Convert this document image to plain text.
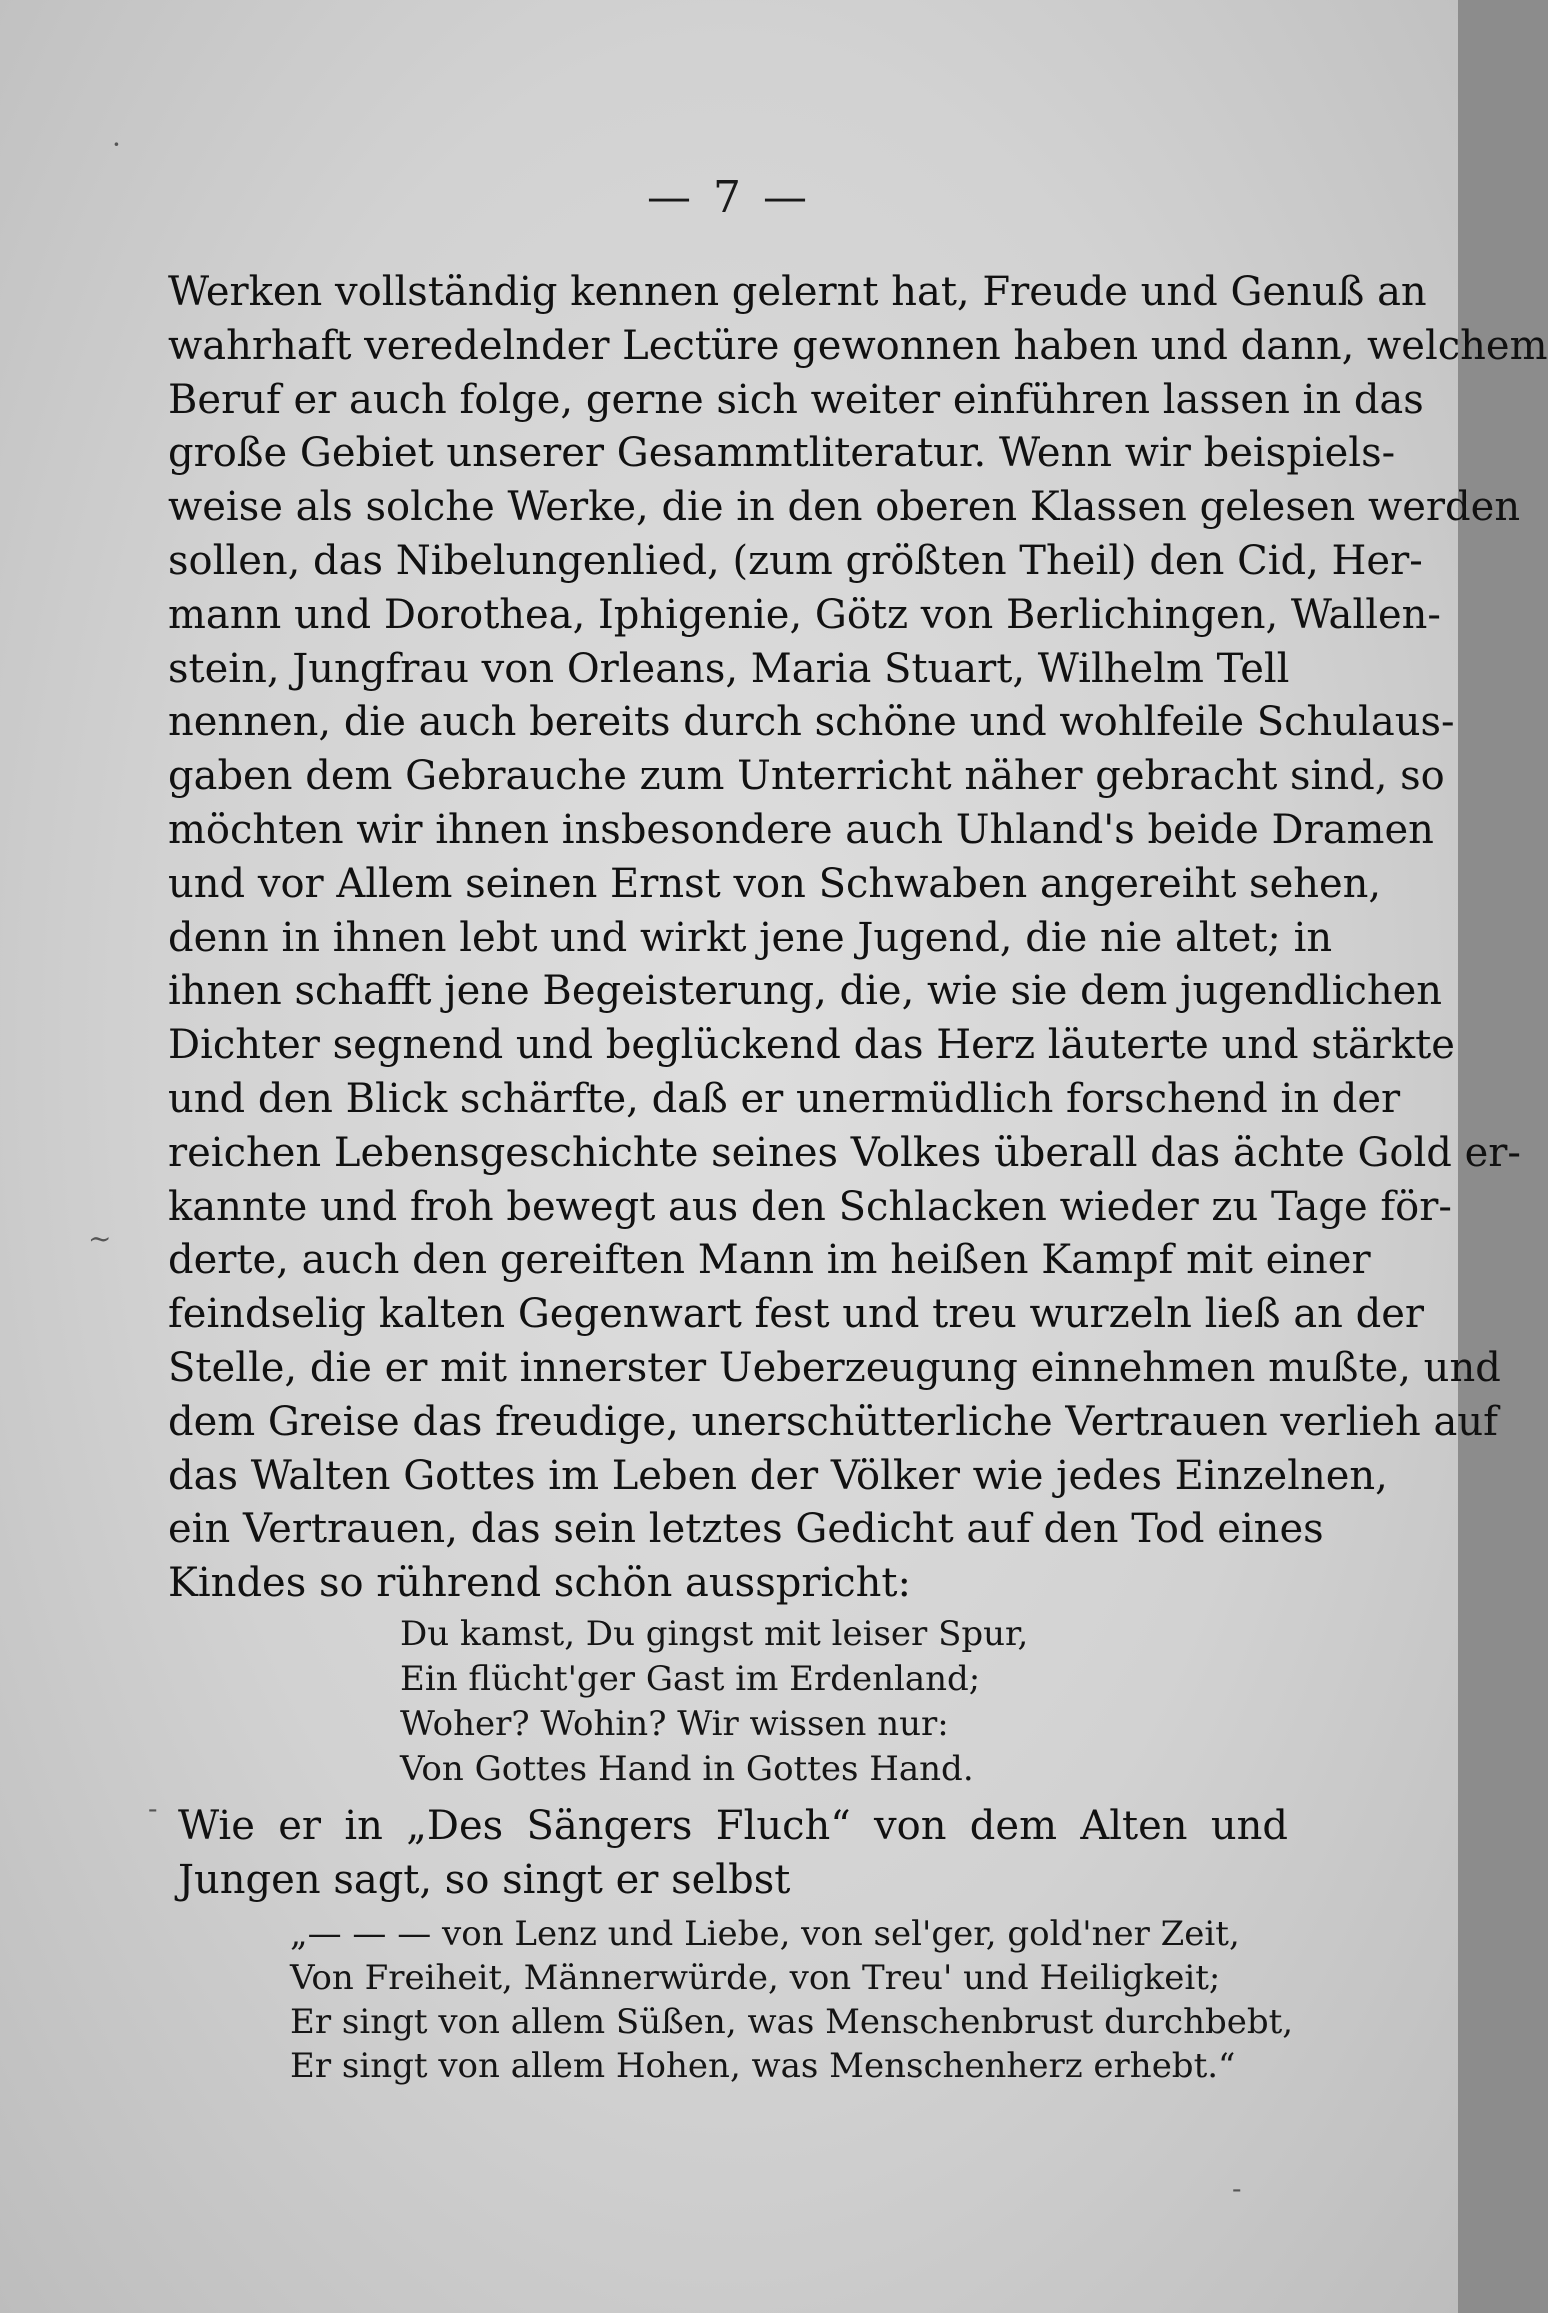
— 7 —
Werken vollständig kennen gelernt hat, Freude und Genuß an
wahrhaft veredelnder Lectüre gewonnen haben und dann, welchem
Beruf er auch folge, gerne sich weiter einführen lassen in das
große Gebiet unserer Gesammtliteratur. Wenn wir beispiels-
weise als solche Werke, die in den oberen Klassen gelesen werden
sollen, das Nibelungenlied, (zum größten Theil) den Cid, Her-
mann und Dorothea, Iphigenie, Götz von Berlichingen, Wallen-
stein, Jungfrau von Orleans, Maria Stuart, Wilhelm Tell
nennen, die auch bereits durch schöne und wohlfeile Schulaus-
gaben dem Gebrauche zum Unterricht näher gebracht sind, so
möchten wir ihnen insbesondere auch Uhland's beide Dramen
und vor Allem seinen Ernst von Schwaben angereiht sehen,
denn in ihnen lebt und wirkt jene Jugend, die nie altet; in
ihnen schafft jene Begeisterung, die, wie sie dem jugendlichen
Dichter segnend und beglückend das Herz läuterte und stärkte
und den Blick schärfte, daß er unermüdlich forschend in der
reichen Lebensgeschichte seines Volkes überall das ächte Gold er-
kannte und froh bewegt aus den Schlacken wieder zu Tage för-
derte, auch den gereiften Mann im heißen Kampf mit einer
feindselig kalten Gegenwart fest und treu wurzeln ließ an der
Stelle, die er mit innerster Ueberzeugung einnehmen mußte, und
dem Greise das freudige, unerschütterliche Vertrauen verlieh auf
das Walten Gottes im Leben der Völker wie jedes Einzelnen,
ein Vertrauen, das sein letztes Gedicht auf den Tod eines
Kindes so rührend schön ausspricht:
Du kamst, Du gingst mit leiser Spur,
Ein flücht'ger Gast im Erdenland;
Woher? Wohin? Wir wissen nur:
Von Gottes Hand in Gottes Hand.
Wie er in „Des Sängers Fluch“ von dem Alten und
Jungen sagt, so singt er selbst
„— — — von Lenz und Liebe, von sel'ger, gold'ner Zeit,
Von Freiheit, Männerwürde, von Treu' und Heiligkeit;
Er singt von allem Süßen, was Menschenbrust durchbebt,
Er singt von allem Hohen, was Menschenherz erhebt.“
·
~
-
-
